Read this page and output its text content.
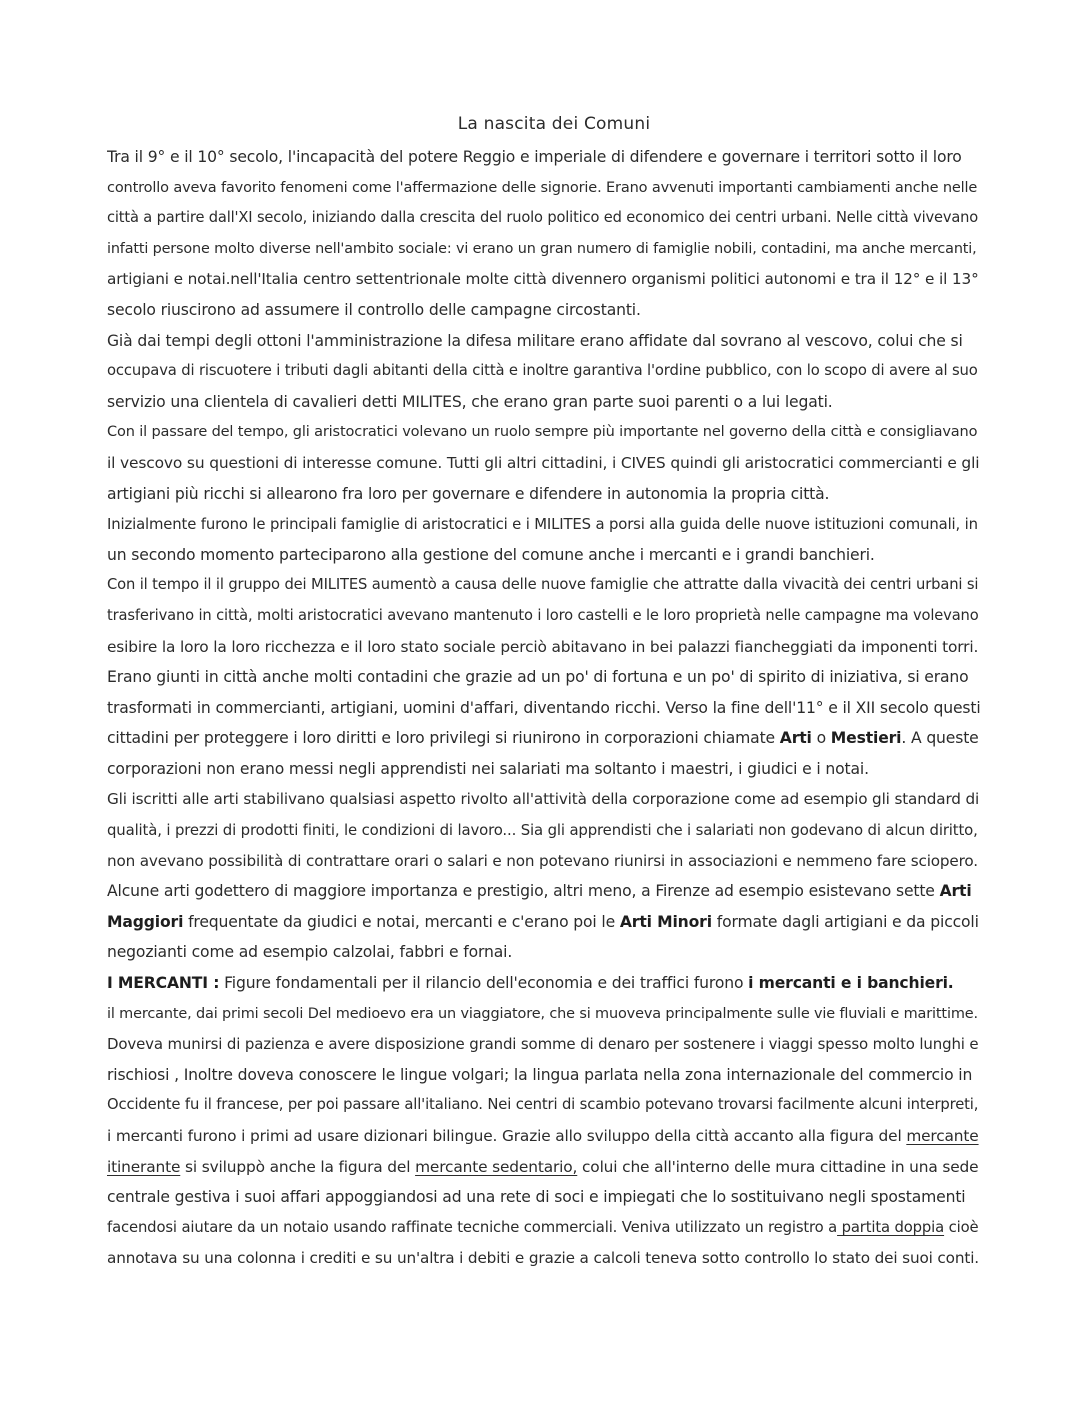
La nascita dei Comuni
Tra il 9° e il 10° secolo, l'incapacità del potere Reggio e imperiale di difendere e governare i territori sotto il loro
controllo aveva favorito fenomeni come l'affermazione delle signorie. Erano avvenuti importanti cambiamenti anche nelle
città a partire dall'XI secolo, iniziando dalla crescita del ruolo politico ed economico dei centri urbani. Nelle città vivevano
infatti persone molto diverse nell'ambito sociale: vi erano un gran numero di famiglie nobili, contadini, ma anche mercanti,
artigiani e notai.nell'Italia centro settentrionale molte città divennero organismi politici autonomi e tra il 12° e il 13°
secolo riuscirono ad assumere il controllo delle campagne circostanti.
Già dai tempi degli ottoni l'amministrazione la difesa militare erano affidate dal sovrano al vescovo, colui che si
occupava di riscuotere i tributi dagli abitanti della città e inoltre garantiva l'ordine pubblico, con lo scopo di avere al suo
servizio una clientela di cavalieri detti MILITES, che erano gran parte suoi parenti o a lui legati.
Con il passare del tempo, gli aristocratici volevano un ruolo sempre più importante nel governo della città e consigliavano
il vescovo su questioni di interesse comune. Tutti gli altri cittadini, i CIVES quindi gli aristocratici commercianti e gli
artigiani più ricchi si allearono fra loro per governare e difendere in autonomia la propria città.
Inizialmente furono le principali famiglie di aristocratici e i MILITES a porsi alla guida delle nuove istituzioni comunali, in
un secondo momento parteciparono alla gestione del comune anche i mercanti e i grandi banchieri.
Con il tempo il il gruppo dei MILITES aumentò a causa delle nuove famiglie che attratte dalla vivacità dei centri urbani si
trasferivano in città, molti aristocratici avevano mantenuto i loro castelli e le loro proprietà nelle campagne ma volevano
esibire la loro la loro ricchezza e il loro stato sociale perciò abitavano in bei palazzi fiancheggiati da imponenti torri.
Erano giunti in città anche molti contadini che grazie ad un po' di fortuna e un po' di spirito di iniziativa, si erano
trasformati in commercianti, artigiani, uomini d'affari, diventando ricchi. Verso la fine dell'11° e il XII secolo questi
cittadini per proteggere i loro diritti e loro privilegi si riunirono in corporazioni chiamate Arti o Mestieri. A queste
corporazioni non erano messi negli apprendisti nei salariati ma soltanto i maestri, i giudici e i notai.
Gli iscritti alle arti stabilivano qualsiasi aspetto rivolto all'attività della corporazione come ad esempio gli standard di
qualità, i prezzi di prodotti finiti, le condizioni di lavoro... Sia gli apprendisti che i salariati non godevano di alcun diritto,
non avevano possibilità di contrattare orari o salari e non potevano riunirsi in associazioni e nemmeno fare sciopero.
Alcune arti godettero di maggiore importanza e prestigio, altri meno, a Firenze ad esempio esistevano sette Arti
Maggiori frequentate da giudici e notai, mercanti e c'erano poi le Arti Minori formate dagli artigiani e da piccoli
negozianti come ad esempio calzolai, fabbri e fornai.
I MERCANTI : Figure fondamentali per il rilancio dell'economia e dei traffici furono i mercanti e i banchieri.
il mercante, dai primi secoli Del medioevo era un viaggiatore, che si muoveva principalmente sulle vie fluviali e marittime.
Doveva munirsi di pazienza e avere disposizione grandi somme di denaro per sostenere i viaggi spesso molto lunghi e
rischiosi , Inoltre doveva conoscere le lingue volgari; la lingua parlata nella zona internazionale del commercio in
Occidente fu il francese, per poi passare all'italiano. Nei centri di scambio potevano trovarsi facilmente alcuni interpreti,
i mercanti furono i primi ad usare dizionari bilingue. Grazie allo sviluppo della città accanto alla figura del mercante
itinerante si sviluppò anche la figura del mercante sedentario, colui che all'interno delle mura cittadine in una sede
centrale gestiva i suoi affari appoggiandosi ad una rete di soci e impiegati che lo sostituivano negli spostamenti
facendosi aiutare da un notaio usando raffinate tecniche commerciali. Veniva utilizzato un registro a partita doppia cioè
annotava su una colonna i crediti e su un'altra i debiti e grazie a calcoli teneva sotto controllo lo stato dei suoi conti.
